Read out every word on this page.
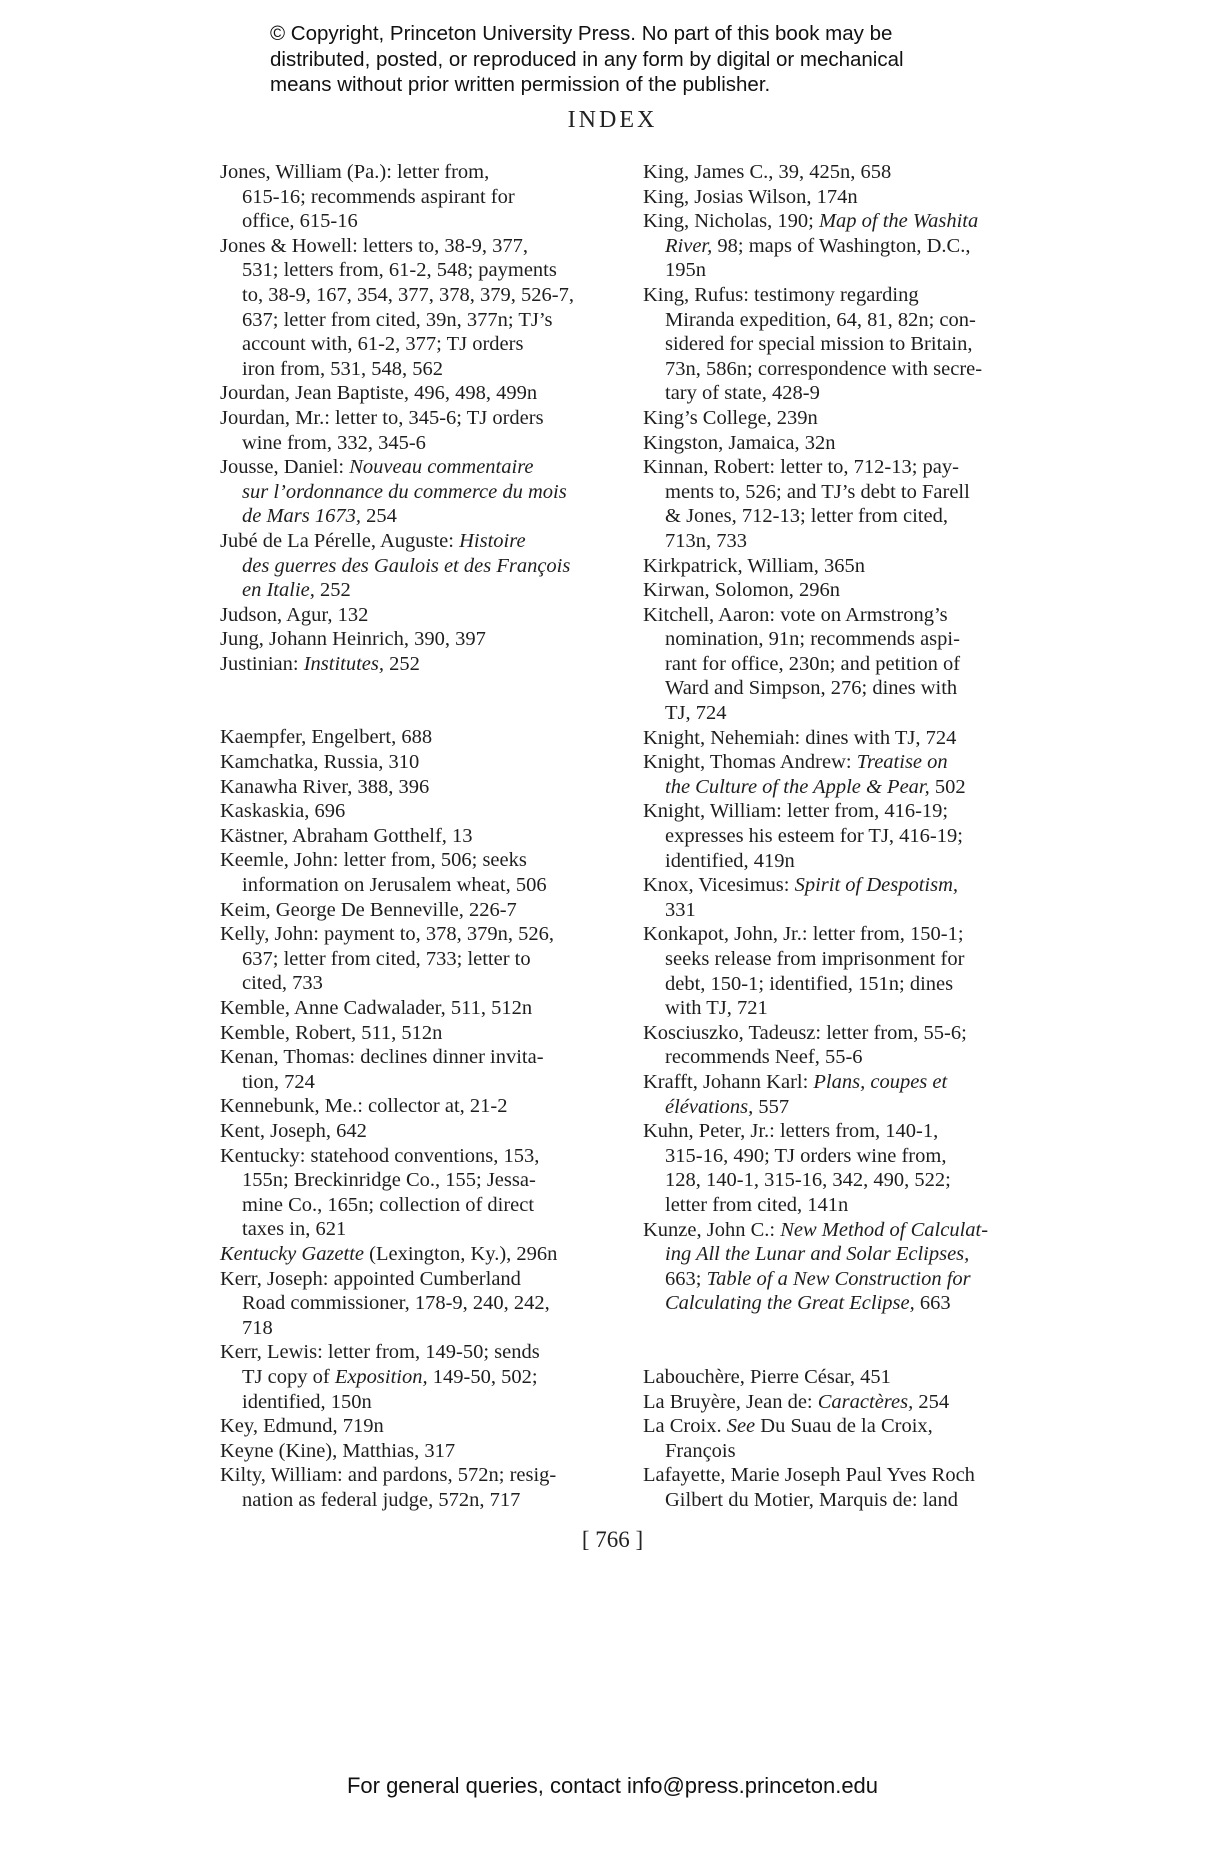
© Copyright, Princeton University Press. No part of this book may be
distributed, posted, or reproduced in any form by digital or mechanical
means without prior written permission of the publisher.
INDEX

Jones, William (Pa.): letter from,
615-16; recommends aspirant for
office, 615-16

Jones & Howell: letters to, 38-9, 377,
531; letters from, 61-2, 548; payments
to, 38-9, 167, 354, 377, 378, 379, 526-7,
637; letter from cited, 39n, 377n; TJ’s
account with, 61-2, 377; TJ orders
iron from, 531, 548, 562

Jourdan, Jean Baptiste, 496, 498, 499n

Jourdan, Mr.: letter to, 345-6; TJ orders
wine from, 332, 345-6

Jousse, Daniel: Nouveau commentaire
sur l’ordonnance du commerce du mois
de Mars 1673, 254

Jubé de La Pérelle, Auguste: Histoire
des guerres des Gaulois et des François
en Italie, 252

Judson, Agur, 132

Jung, Johann Heinrich, 390, 397

Justinian: Institutes, 252

Kaempfer, Engelbert, 688

Kamchatka, Russia, 310

Kanawha River, 388, 396

Kaskaskia, 696

Kästner, Abraham Gotthelf, 13

Keemle, John: letter from, 506; seeks
information on Jerusalem wheat, 506

Keim, George De Benneville, 226-7

Kelly, John: payment to, 378, 379n, 526,
637; letter from cited, 733; letter to
cited, 733

Kemble, Anne Cadwalader, 511, 512n

Kemble, Robert, 511, 512n

Kenan, Thomas: declines dinner invita-
tion, 724

Kennebunk, Me.: collector at, 21-2

Kent, Joseph, 642

Kentucky: statehood conventions, 153,
155n; Breckinridge Co., 155; Jessa-
mine Co., 165n; collection of direct
taxes in, 621

Kentucky Gazette (Lexington, Ky.), 296n

Kerr, Joseph: appointed Cumberland
Road commissioner, 178-9, 240, 242,
718

Kerr, Lewis: letter from, 149-50; sends
TJ copy of Exposition, 149-50, 502;
identified, 150n

Key, Edmund, 719n

Keyne (Kine), Matthias, 317

Kilty, William: and pardons, 572n; resig-
nation as federal judge, 572n, 717

King, James C., 39, 425n, 658

King, Josias Wilson, 174n

King, Nicholas, 190; Map of the Washita
River, 98; maps of Washington, D.C.,
195n

King, Rufus: testimony regarding
Miranda expedition, 64, 81, 82n; con-
sidered for special mission to Britain,
73n, 586n; correspondence with secre-
tary of state, 428-9

King’s College, 239n

Kingston, Jamaica, 32n

Kinnan, Robert: letter to, 712-13; pay-
ments to, 526; and TJ’s debt to Farell
& Jones, 712-13; letter from cited,
713n, 733

Kirkpatrick, William, 365n

Kirwan, Solomon, 296n

Kitchell, Aaron: vote on Armstrong’s
nomination, 91n; recommends aspi-
rant for office, 230n; and petition of
Ward and Simpson, 276; dines with
TJ, 724

Knight, Nehemiah: dines with TJ, 724

Knight, Thomas Andrew: Treatise on
the Culture of the Apple & Pear, 502

Knight, William: letter from, 416-19;
expresses his esteem for TJ, 416-19;
identified, 419n

Knox, Vicesimus: Spirit of Despotism,
331

Konkapot, John, Jr.: letter from, 150-1;
seeks release from imprisonment for
debt, 150-1; identified, 151n; dines
with TJ, 721

Kosciuszko, Tadeusz: letter from, 55-6;
recommends Neef, 55-6

Krafft, Johann Karl: Plans, coupes et
élévations, 557

Kuhn, Peter, Jr.: letters from, 140-1,
315-16, 490; TJ orders wine from,
128, 140-1, 315-16, 342, 490, 522;
letter from cited, 141n

Kunze, John C.: New Method of Calculat-
ing All the Lunar and Solar Eclipses,
663; Table of a New Construction for
Calculating the Great Eclipse, 663

Labouchère, Pierre César, 451

La Bruyère, Jean de: Caractères, 254

La Croix. See Du Suau de la Croix,
François

Lafayette, Marie Joseph Paul Yves Roch
Gilbert du Motier, Marquis de: land

[ 766 ]
For general queries, contact info@press.princeton.edu
